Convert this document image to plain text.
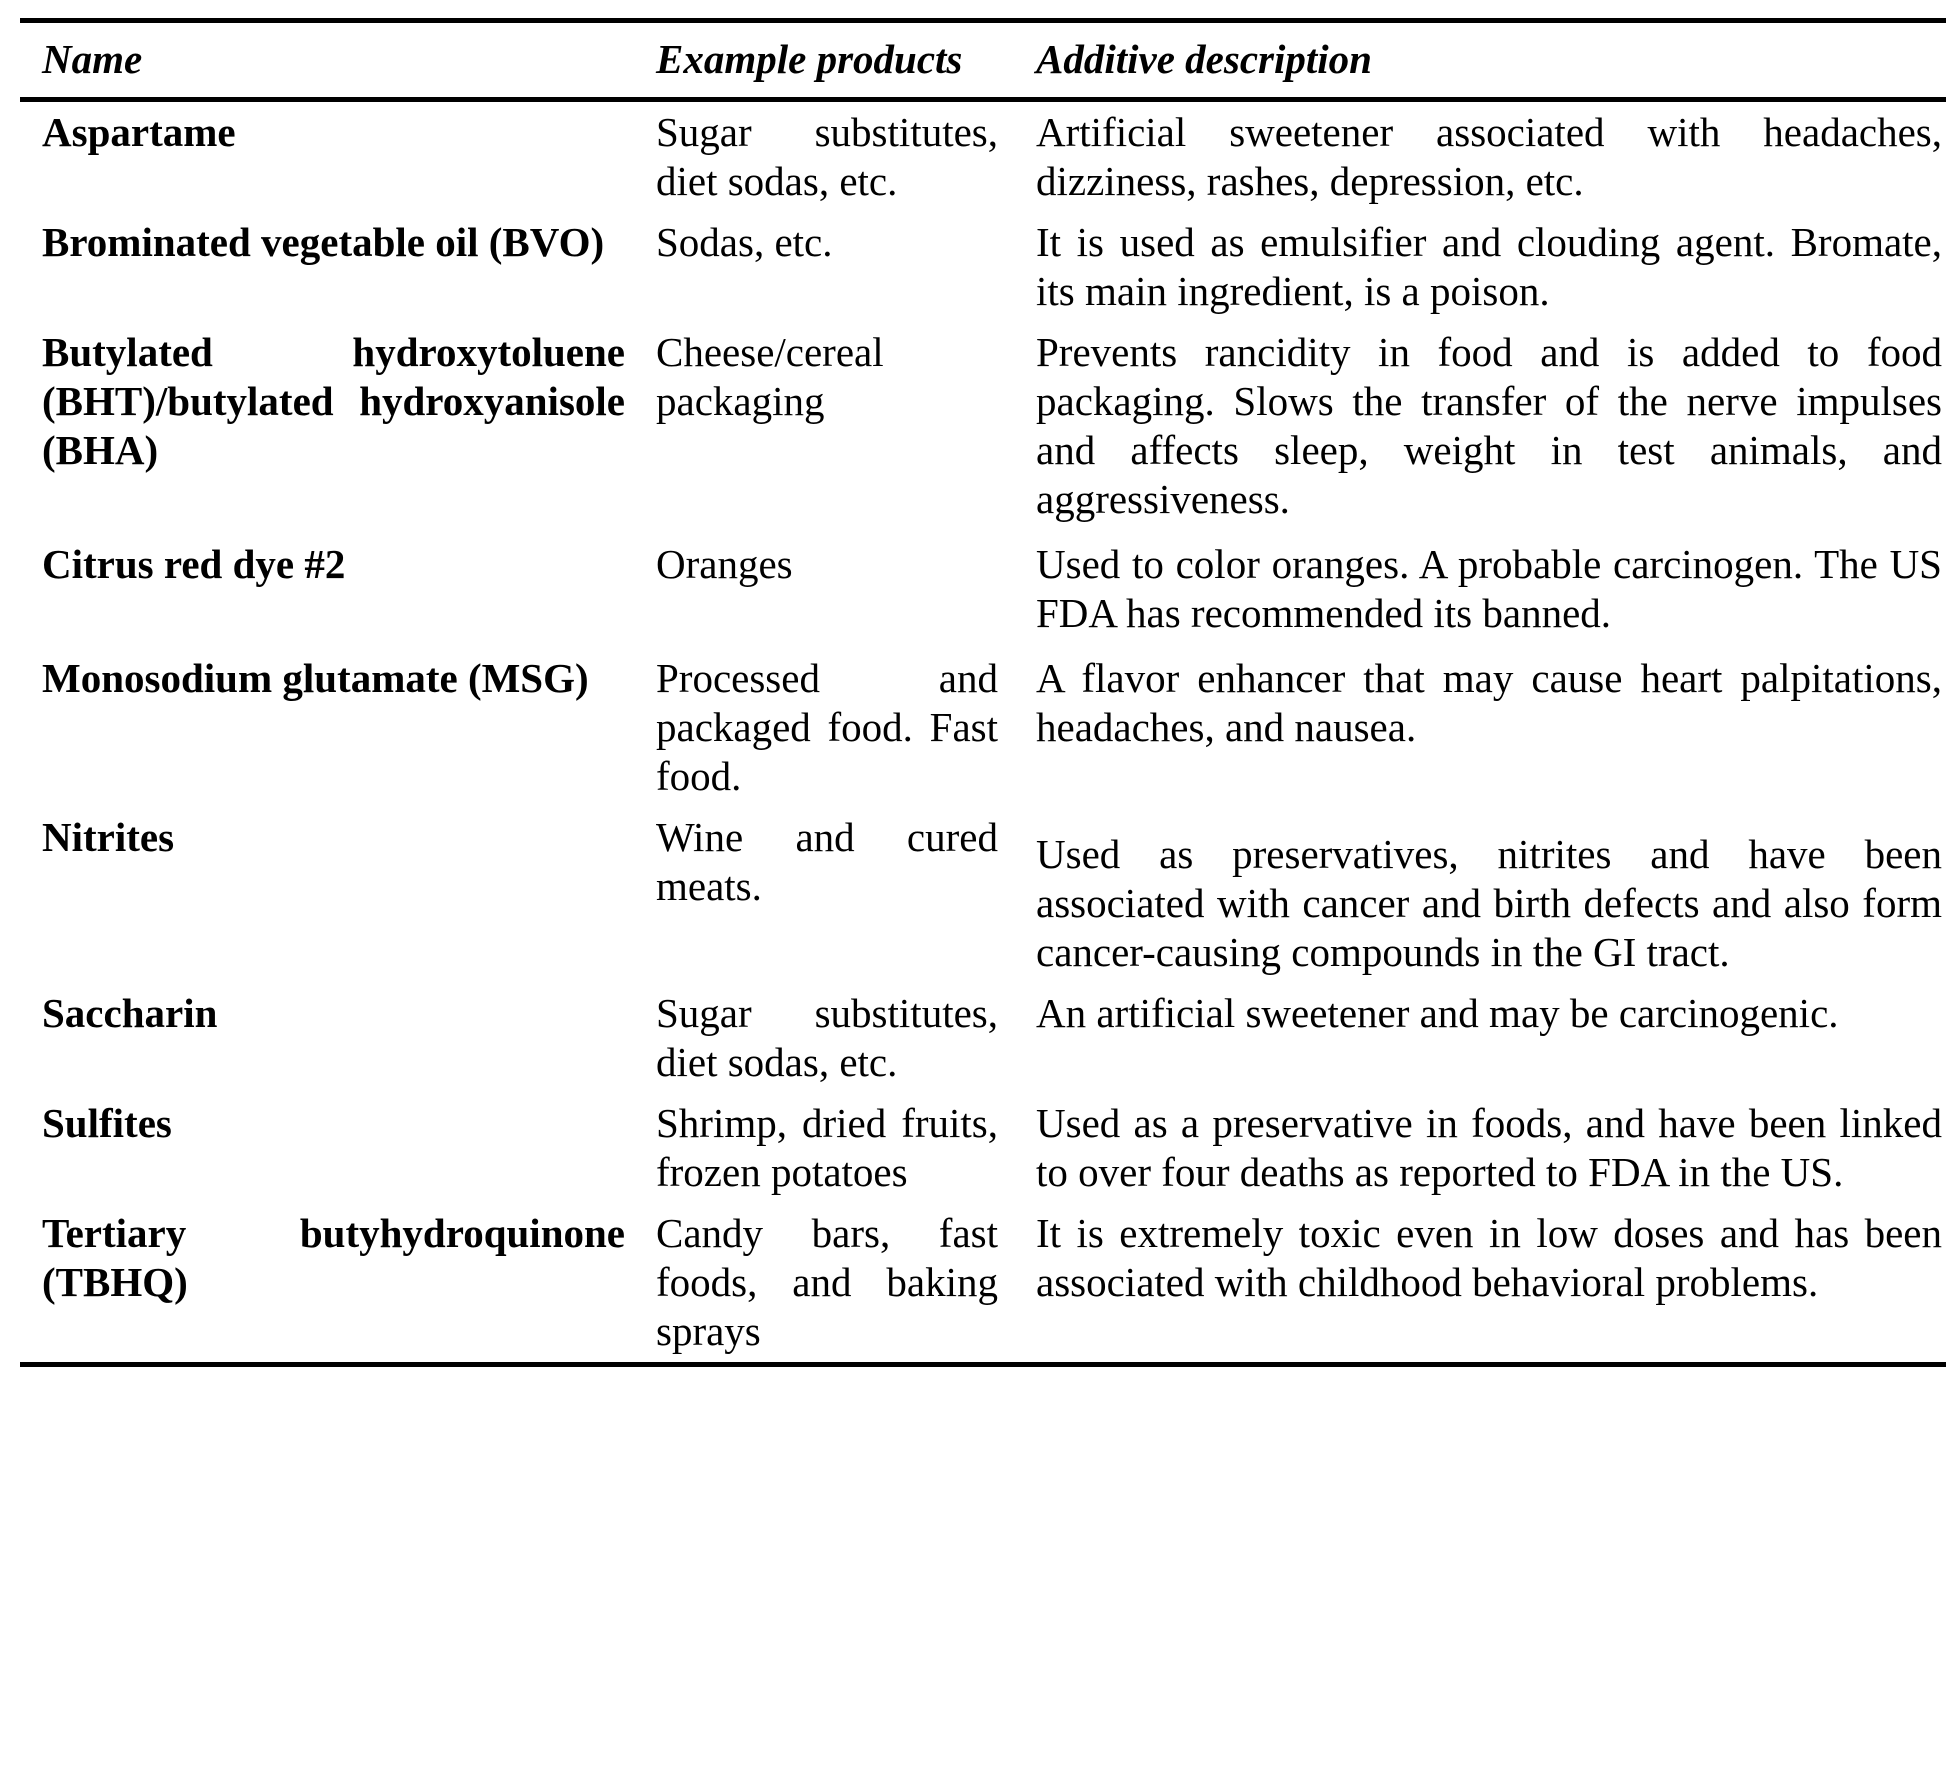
Name	Example products	Additive description
Aspartame	Sugar substitutes, diet sodas, etc.	Artificial sweetener associated with headaches, dizziness, rashes, depression, etc.
Brominated vegetable oil (BVO)	Sodas, etc.	It is used as emulsifier and clouding agent. Bromate, its main ingredient, is a poison.
Butylated hydroxytoluene (BHT)/butylated hydroxyanisole (BHA)	Cheese/cereal packaging	Prevents rancidity in food and is added to food packaging. Slows the transfer of the nerve impulses and affects sleep, weight in test animals, and aggressiveness.
Citrus red dye #2	Oranges	Used to color oranges. A probable carcinogen. The US FDA has recommended its banned.
Monosodium glutamate (MSG)	Processed and packaged food. Fast food.	A flavor enhancer that may cause heart palpitations, headaches, and nausea.
Nitrites	Wine and cured meats.	Used as preservatives, nitrites and have been associated with cancer and birth defects and also form cancer-causing compounds in the GI tract.
Saccharin	Sugar substitutes, diet sodas, etc.	An artificial sweetener and may be carcinogenic.
Sulfites	Shrimp, dried fruits, frozen potatoes	Used as a preservative in foods, and have been linked to over four deaths as reported to FDA in the US.
Tertiary butyhydroquinone (TBHQ)	Candy bars, fast foods, and baking sprays	It is extremely toxic even in low doses and has been associated with childhood behavioral problems.
